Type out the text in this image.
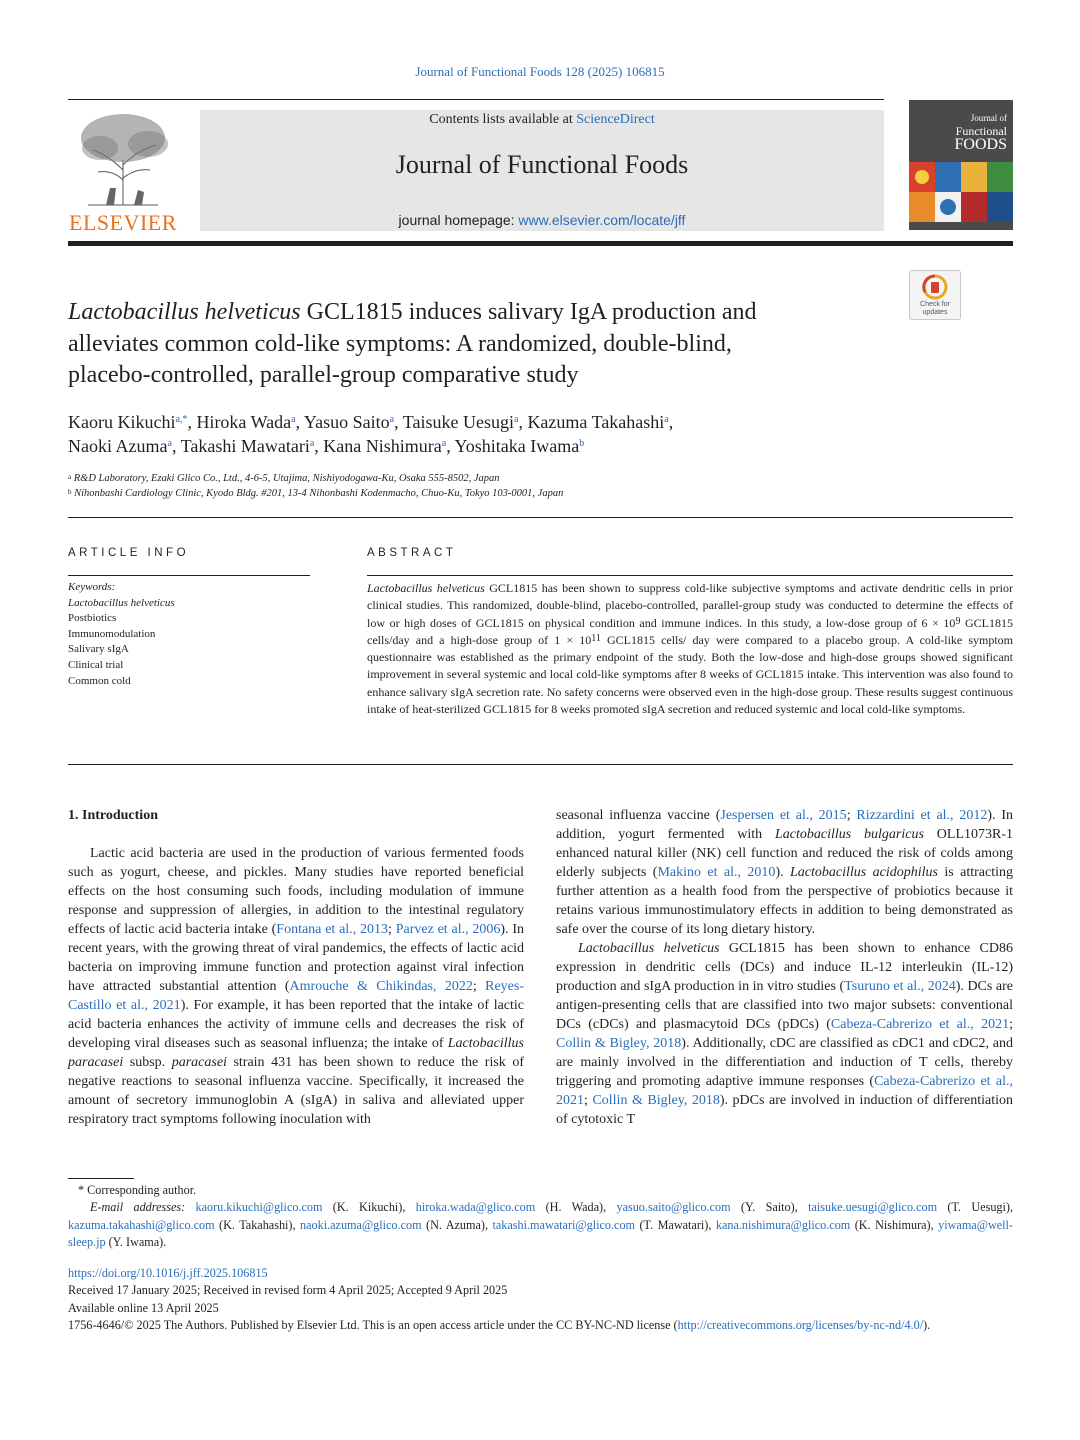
Journal of Functional Foods 128 (2025) 106815
ELSEVIER
Contents lists available at ScienceDirect
Journal of Functional Foods
journal homepage: www.elsevier.com/locate/jff
Journal of
Functional
FOODS
Check for updates
Lactobacillus helveticus GCL1815 induces salivary IgA production and
alleviates common cold-like symptoms: A randomized, double-blind,
placebo-controlled, parallel-group comparative study
Kaoru Kikuchi$^{a,*}$, Hiroka Wada$^a$, Yasuo Saito$^a$, Taisuke Uesugi$^a$, Kazuma Takahashi$^a$,
Naoki Azuma$^a$, Takashi Mawatari$^a$, Kana Nishimura$^a$, Yoshitaka Iwama$^b$
$^a$ R&D Laboratory, Ezaki Glico Co., Ltd., 4-6-5, Utajima, Nishiyodogawa-Ku, Osaka 555-8502, Japan
$^b$ Nihonbashi Cardiology Clinic, Kyodo Bldg. #201, 13-4 Nihonbashi Kodenmacho, Chuo-Ku, Tokyo 103-0001, Japan
ARTICLE INFO	ABSTRACT
Keywords:
Lactobacillus helveticus
Postbiotics
Immunomodulation
Salivary sIgA
Clinical trial
Common cold
Lactobacillus helveticus GCL1815 has been shown to suppress cold-like subjective symptoms and activate dendritic cells in prior clinical studies. This randomized, double-blind, placebo-controlled, parallel-group study was conducted to determine the effects of low or high doses of GCL1815 on physical condition and immune indices. In this study, a low-dose group of $6 \times 10^9$ GCL1815 cells/day and a high-dose group of $1 \times 10^{11}$ GCL1815 cells/ day were compared to a placebo group. A cold-like symptom questionnaire was established as the primary endpoint of the study. Both the low-dose and high-dose groups showed significant improvement in several systemic and local cold-like symptoms after 8 weeks of GCL1815 intake. This intervention was also found to enhance salivary sIgA secretion rate. No safety concerns were observed even in the high-dose group. These results suggest continuous intake of heat-sterilized GCL1815 for 8 weeks promoted sIgA secretion and reduced systemic and local cold-like symptoms.
1. Introduction

Lactic acid bacteria are used in the production of various fermented foods such as yogurt, cheese, and pickles. Many studies have reported beneficial effects on the host consuming such foods, including modulation of immune response and suppression of allergies, in addition to the intestinal regulatory effects of lactic acid bacteria intake (Fontana et al., 2013; Parvez et al., 2006). In recent years, with the growing threat of viral pandemics, the effects of lactic acid bacteria on improving immune function and protection against viral infection have attracted substantial attention (Amrouche & Chikindas, 2022; Reyes-Castillo et al., 2021). For example, it has been reported that the intake of lactic acid bacteria enhances the activity of immune cells and decreases the risk of developing viral diseases such as seasonal influenza; the intake of Lactobacillus paracasei subsp. paracasei strain 431 has been shown to reduce the risk of negative reactions to seasonal influenza vaccine. Specifically, it increased the amount of secretory immunoglobin A (sIgA) in saliva and alleviated upper respiratory tract symptoms following inoculation with

seasonal influenza vaccine (Jespersen et al., 2015; Rizzardini et al., 2012). In addition, yogurt fermented with Lactobacillus bulgaricus OLL1073R-1 enhanced natural killer (NK) cell function and reduced the risk of colds among elderly subjects (Makino et al., 2010). Lactobacillus acidophilus is attracting further attention as a health food from the perspective of probiotics because it retains various immunostimulatory effects in addition to being demonstrated as safe over the course of its long dietary history.

Lactobacillus helveticus GCL1815 has been shown to enhance CD86 expression in dendritic cells (DCs) and induce IL-12 interleukin (IL-12) production and sIgA production in in vitro studies (Tsuruno et al., 2024). DCs are antigen-presenting cells that are classified into two major subsets: conventional DCs (cDCs) and plasmacytoid DCs (pDCs) (Cabeza-Cabrerizo et al., 2021; Collin & Bigley, 2018). Additionally, cDC are classified as cDC1 and cDC2, and are mainly involved in the differentiation and induction of T cells, thereby triggering and promoting adaptive immune responses (Cabeza-Cabrerizo et al., 2021; Collin & Bigley, 2018). pDCs are involved in induction of differentiation of cytotoxic T

* Corresponding author.
E-mail addresses: kaoru.kikuchi@glico.com (K. Kikuchi), hiroka.wada@glico.com (H. Wada), yasuo.saito@glico.com (Y. Saito), taisuke.uesugi@glico.com (T. Uesugi), kazuma.takahashi@glico.com (K. Takahashi), naoki.azuma@glico.com (N. Azuma), takashi.mawatari@glico.com (T. Mawatari), kana.nishimura@glico.com (K. Nishimura), yiwama@well-sleep.jp (Y. Iwama).
https://doi.org/10.1016/j.jff.2025.106815
Received 17 January 2025; Received in revised form 4 April 2025; Accepted 9 April 2025
Available online 13 April 2025
1756-4646/© 2025 The Authors. Published by Elsevier Ltd. This is an open access article under the CC BY-NC-ND license (http://creativecommons.org/licenses/by-nc-nd/4.0/).
